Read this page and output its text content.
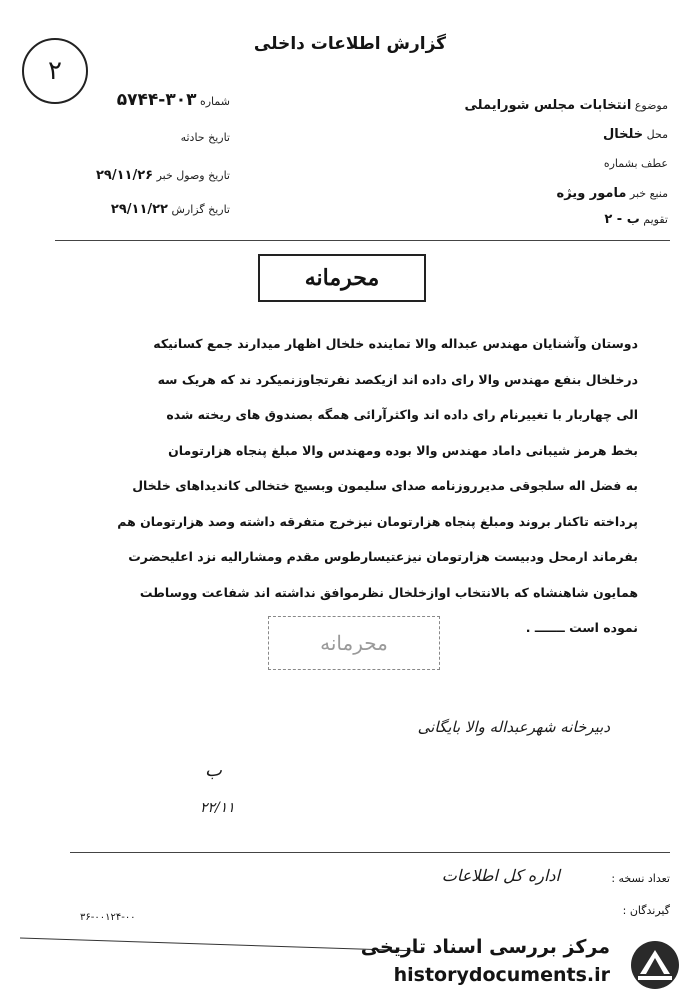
۲
گزارش اطلاعات داخلی
شماره ۳۰۳-۵۷۴۴
تاریخ حادثه
تاریخ وصول خبر ۲۹/۱۱/۲۶
تاریخ گزارش ۲۹/۱۱/۲۲
موضوع انتخابات مجلس شورایملی
محل خلخال
عطف بشماره
منبع خبر مامور ویژه
تقویم ب - ۲
محرمانه
دوستان وآشنایان مهندس عبداله والا تماینده خلخال اظهار میدارند جمع کسانیکه
درخلخال بنفع مهندس والا رای داده اند ازیکصد نفرتجاوزنمیکرد ند که هریک سه
الی چهاربار با تغییرنام رای داده اند واکثرآرائی همگه بصندوق های ریخته شده
بخط هرمز شیبانی داماد مهندس والا بوده ومهندس والا مبلغ پنجاه هزارتومان
به فضل اله سلجوقی مدیرروزنامه صدای سلیمون وبسیج ختخالی کاندیداهای خلخال
پرداخته تاکنار بروند ومبلغ پنجاه هزارتومان نیزخرج متفرقه داشته وصد هزارتومان هم
بفرماند ارمحل ودبیست هزارتومان نیزعتیسارطوس مقدم ومشارالیه نزد اعلیحضرت
همایون شاهنشاه که بالانتخاب اوازخلخال نظرموافق نداشته اند شفاعت ووساطت
نموده است ـــــــ .
محرمانه
دبیرخانه شهرعبداله والا بایگانی
ب
۲۲/۱۱
تعداد نسخه :
اداره کل اطلاعات
گیرندگان :
۳۶-۰۰۱۲۴-۰۰
مرکز بررسی اسناد تاریخی
historydocuments.ir
